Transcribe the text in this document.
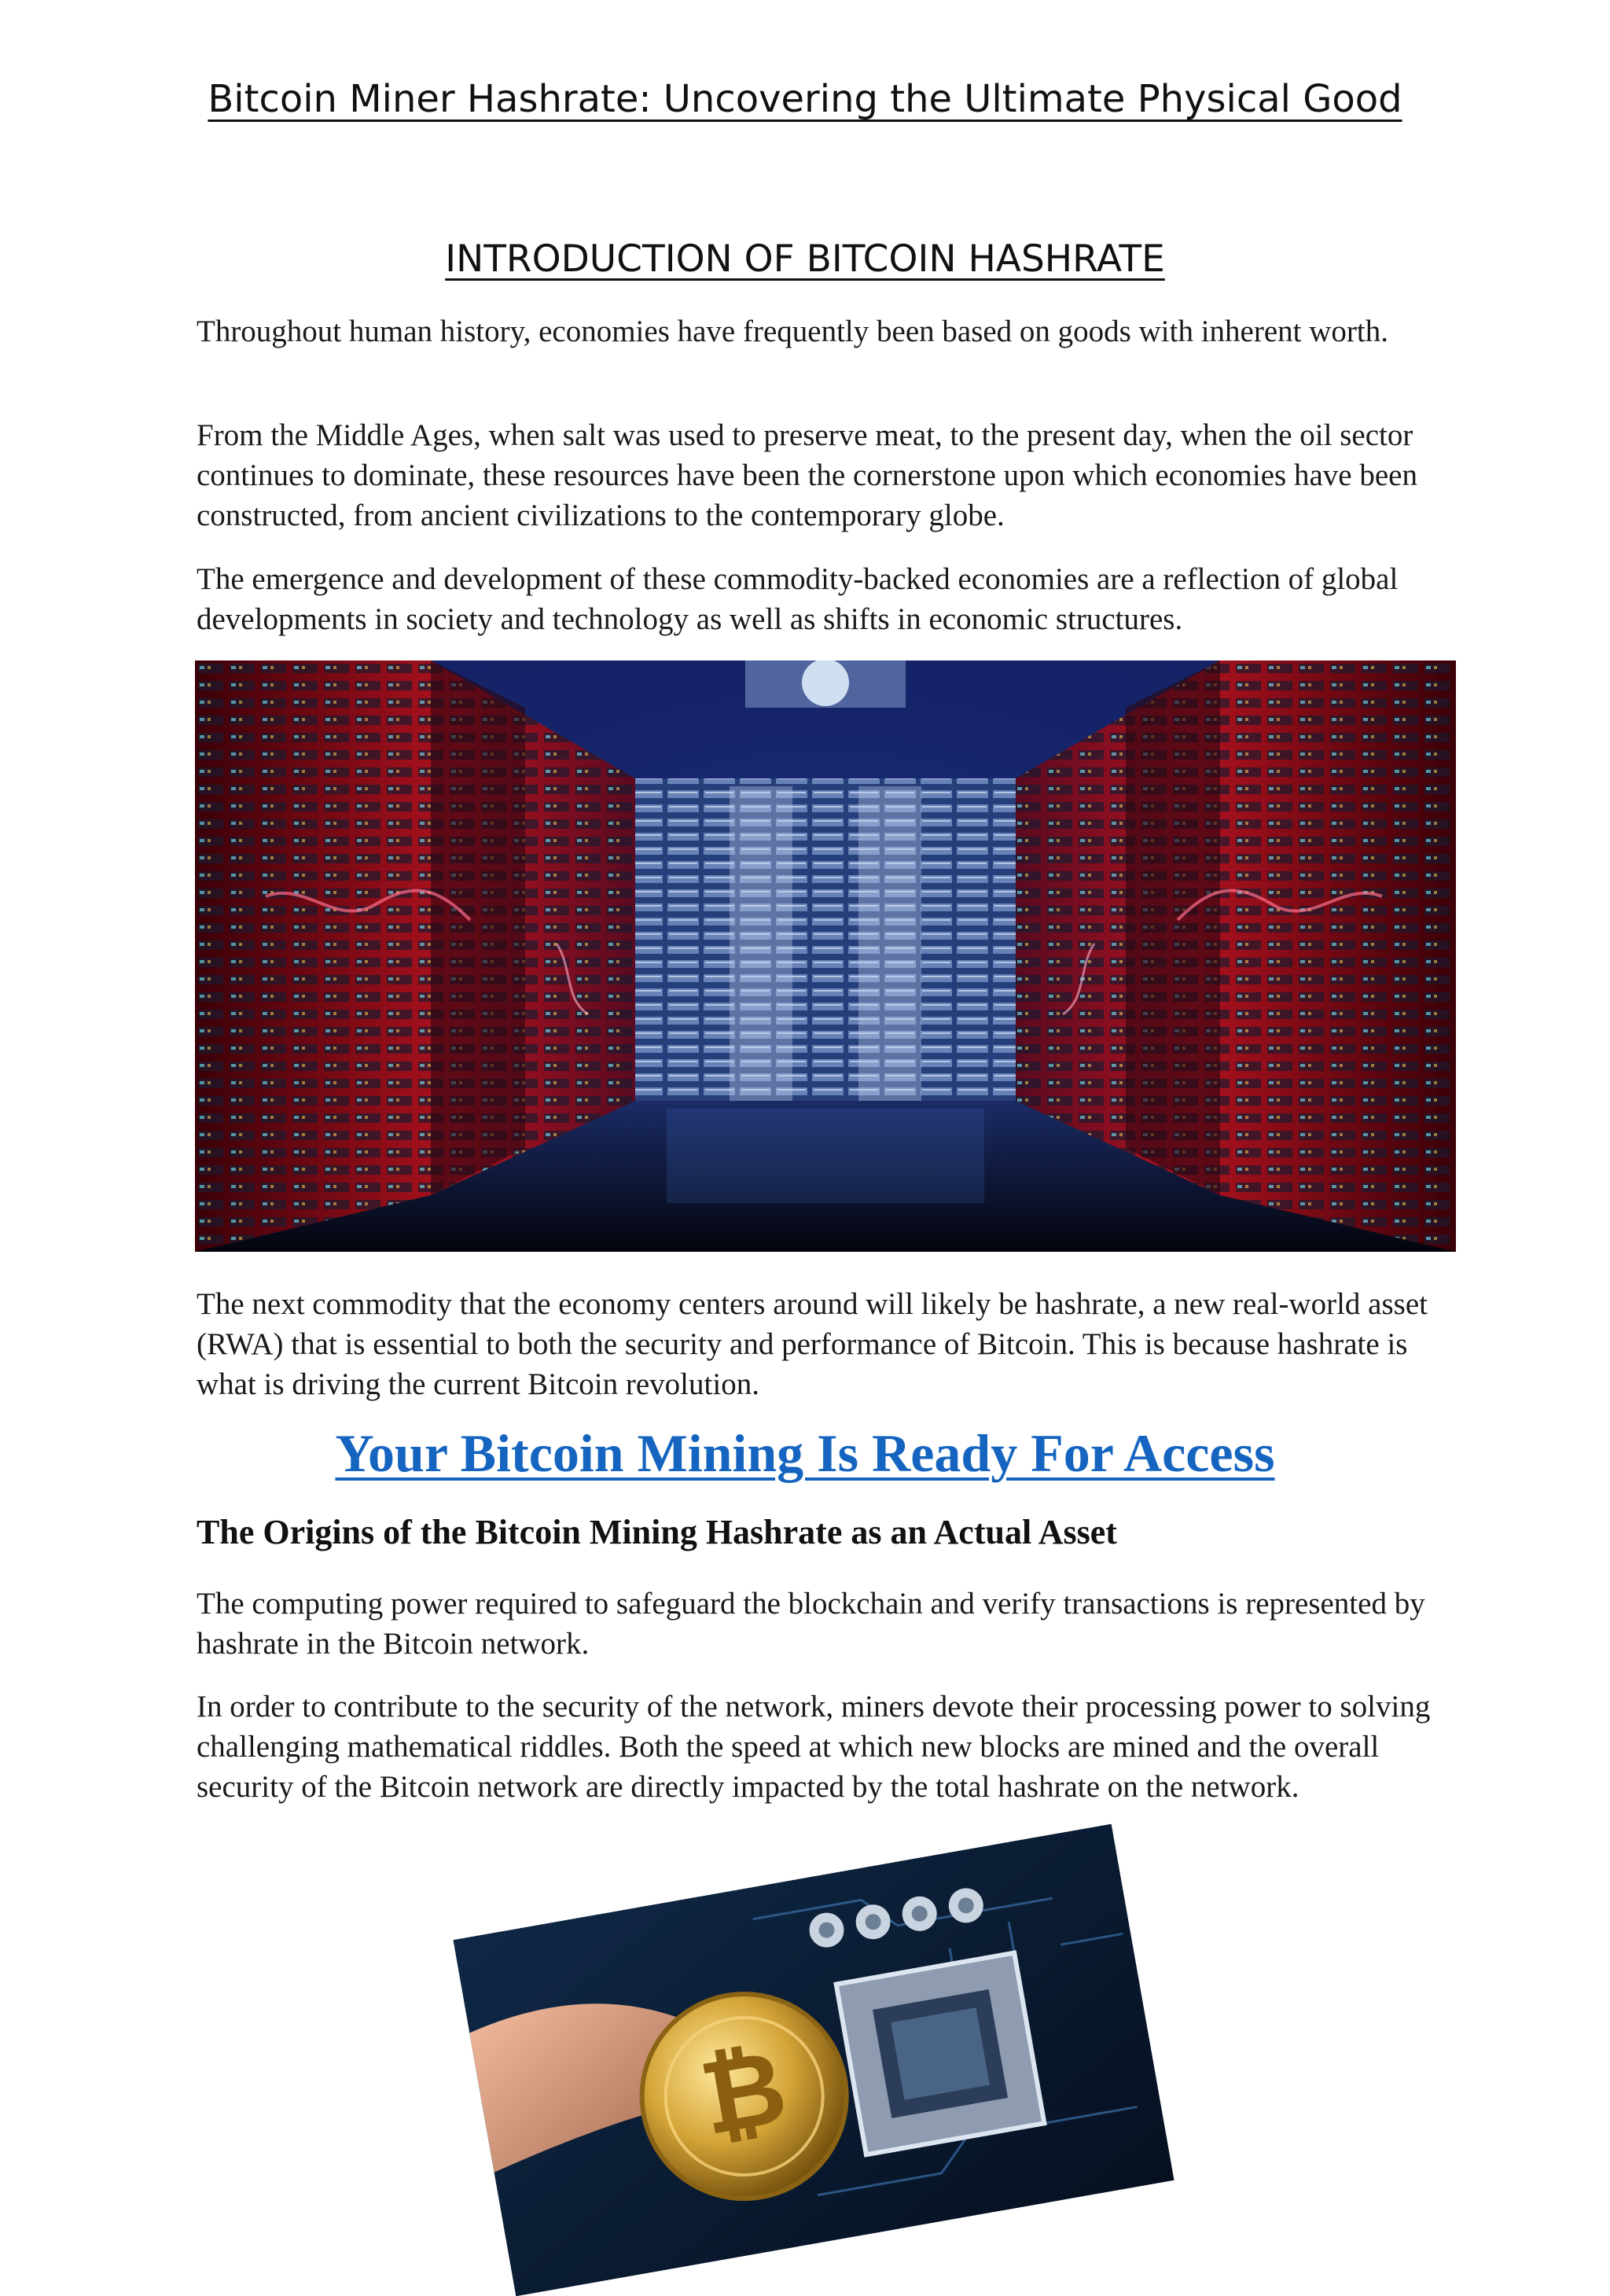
Bitcoin Miner Hashrate: Uncovering the Ultimate Physical Good
INTRODUCTION OF BITCOIN HASHRATE

Throughout human history, economies have frequently been based on goods with inherent worth.

From the Middle Ages, when salt was used to preserve meat, to the present day, when the oil sector continues to dominate, these resources have been the cornerstone upon which economies have been constructed, from ancient civilizations to the contemporary globe.

The emergence and development of these commodity-backed economies are a reflection of global developments in society and technology as well as shifts in economic structures.

The next commodity that the economy centers around will likely be hashrate, a new real-world asset (RWA) that is essential to both the security and performance of Bitcoin. This is because hashrate is what is driving the current Bitcoin revolution.

Your Bitcoin Mining Is Ready For Access
The Origins of the Bitcoin Mining Hashrate as an Actual Asset

The computing power required to safeguard the blockchain and verify transactions is represented by hashrate in the Bitcoin network.

In order to contribute to the security of the network, miners devote their processing power to solving challenging mathematical riddles. Both the speed at which new blocks are mined and the overall security of the Bitcoin network are directly impacted by the total hashrate on the network.

₿
